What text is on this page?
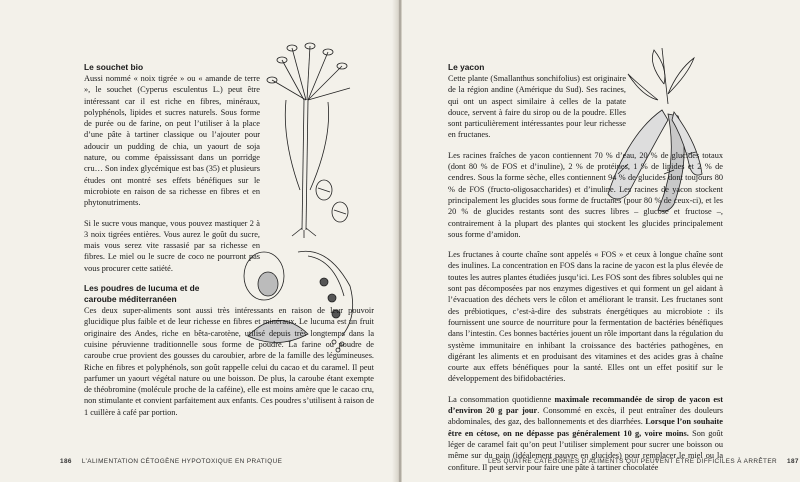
Le souchet bio

Aussi nommé « noix tigrée » ou « amande de terre », le souchet (Cyperus esculentus L.) peut être intéressant car il est riche en fibres, minéraux, polyphénols, lipides et sucres naturels. Sous forme de purée ou de farine, on peut l’utiliser à la place d’une pâte à tartiner classique ou l’ajouter pour adoucir un pudding de chia, un yaourt de soja nature, ou comme épaississant dans un porridge cru… Son index glycémique est bas (35) et plusieurs études ont montré ses effets bénéfiques sur le microbiote en raison de sa richesse en fibres et en phytonutriments.

Si le sucre vous manque, vous pouvez mastiquer 2 à 3 noix tigrées entières. Vous aurez le goût du sucre, mais vous serez vite rassasié par sa richesse en fibres. Le miel ou le sucre de coco ne pourront pas vous procurer cette satiété.

Les poudres de lucuma et de caroube méditerranéen

Ces deux super-aliments sont aussi très intéressants en raison de leur pouvoir glucidique plus faible et de leur richesse en fibres et minéraux. Le lucuma est un fruit originaire des Andes, riche en bêta-carotène, utilisé depuis très longtemps dans la cuisine péruvienne traditionnelle sous forme de poudre. La farine ou poudre de caroube crue provient des gousses du caroubier, arbre de la famille des légumineuses. Riche en fibres et polyphénols, son goût rappelle celui du cacao et du caramel. Il peut parfumer un yaourt végétal nature ou une boisson. De plus, la caroube étant exempte de théobromine (molécule proche de la caféine), elle est moins amère que le cacao cru, non stimulante et convient parfaitement aux enfants. Ces poudres s’utilisent à raison de 1 cuillère à café par portion.

186 L’ALIMENTATION CÉTOGÈNE HYPOTOXIQUE EN PRATIQUE
Le yacon

Cette plante (Smallanthus sonchifolius) est originaire de la région andine (Amérique du Sud). Ses racines, qui ont un aspect similaire à celles de la patate douce, servent à faire du sirop ou de la poudre. Elles sont particulièrement intéressantes pour leur richesse en fructanes.

Les racines fraîches de yacon contiennent 70 % d’eau, 20 % de glucides totaux (dont 80 % de FOS et d’inuline), 2 % de protéines, 1 % de lipides et 2 % de cendres. Sous la forme sèche, elles contiennent 94 % de glucides dont toujours 80 % de FOS (fructo-oligosaccharides) et d’inuline. Les racines de yacon stockent principalement les glucides sous forme de fructanes (pour 80 % de ceux-ci), et les 20 % de glucides restants sont des sucres libres – glucose et fructose –, contrairement à la plupart des plantes qui stockent les glucides principalement sous forme d’amidon.

Les fructanes à courte chaîne sont appelés « FOS » et ceux à longue chaîne sont des inulines. La concentration en FOS dans la racine de yacon est la plus élevée de toutes les autres plantes étudiées jusqu’ici. Les FOS sont des fibres solubles qui ne sont pas décomposées par nos enzymes digestives et qui forment un gel aidant à l’évacuation des déchets vers le côlon et améliorant le transit. Les fructanes sont des prébiotiques, c’est-à-dire des substrats énergétiques au microbiote : ils fournissent une source de nourriture pour la fermentation de bactéries bénéfiques dans l’intestin. Ces bonnes bactéries jouent un rôle important dans la régulation du système immunitaire en inhibant la croissance des bactéries pathogènes, en digérant les aliments et en produisant des vitamines et des acides gras à chaîne courte aux effets bénéfiques pour la santé. Elles ont un effet positif sur le développement des bifidobactéries.

La consommation quotidienne maximale recommandée de sirop de yacon est d’environ 20 g par jour. Consommé en excès, il peut entraîner des douleurs abdominales, des gaz, des ballonnements et des diarrhées. Lorsque l’on souhaite être en cétose, on ne dépasse pas généralement 10 g, voire moins. Son goût léger de caramel fait qu’on peut l’utiliser simplement pour sucrer une boisson ou même sur du pain (idéalement pauvre en glucides) pour remplacer le miel ou la confiture. Il peut servir pour faire une pâte à tartiner chocolatée

LES QUATRE CATÉGORIES D’ALIMENTS QUI PEUVENT ÊTRE DIFFICILES À ARRÊTER 187
